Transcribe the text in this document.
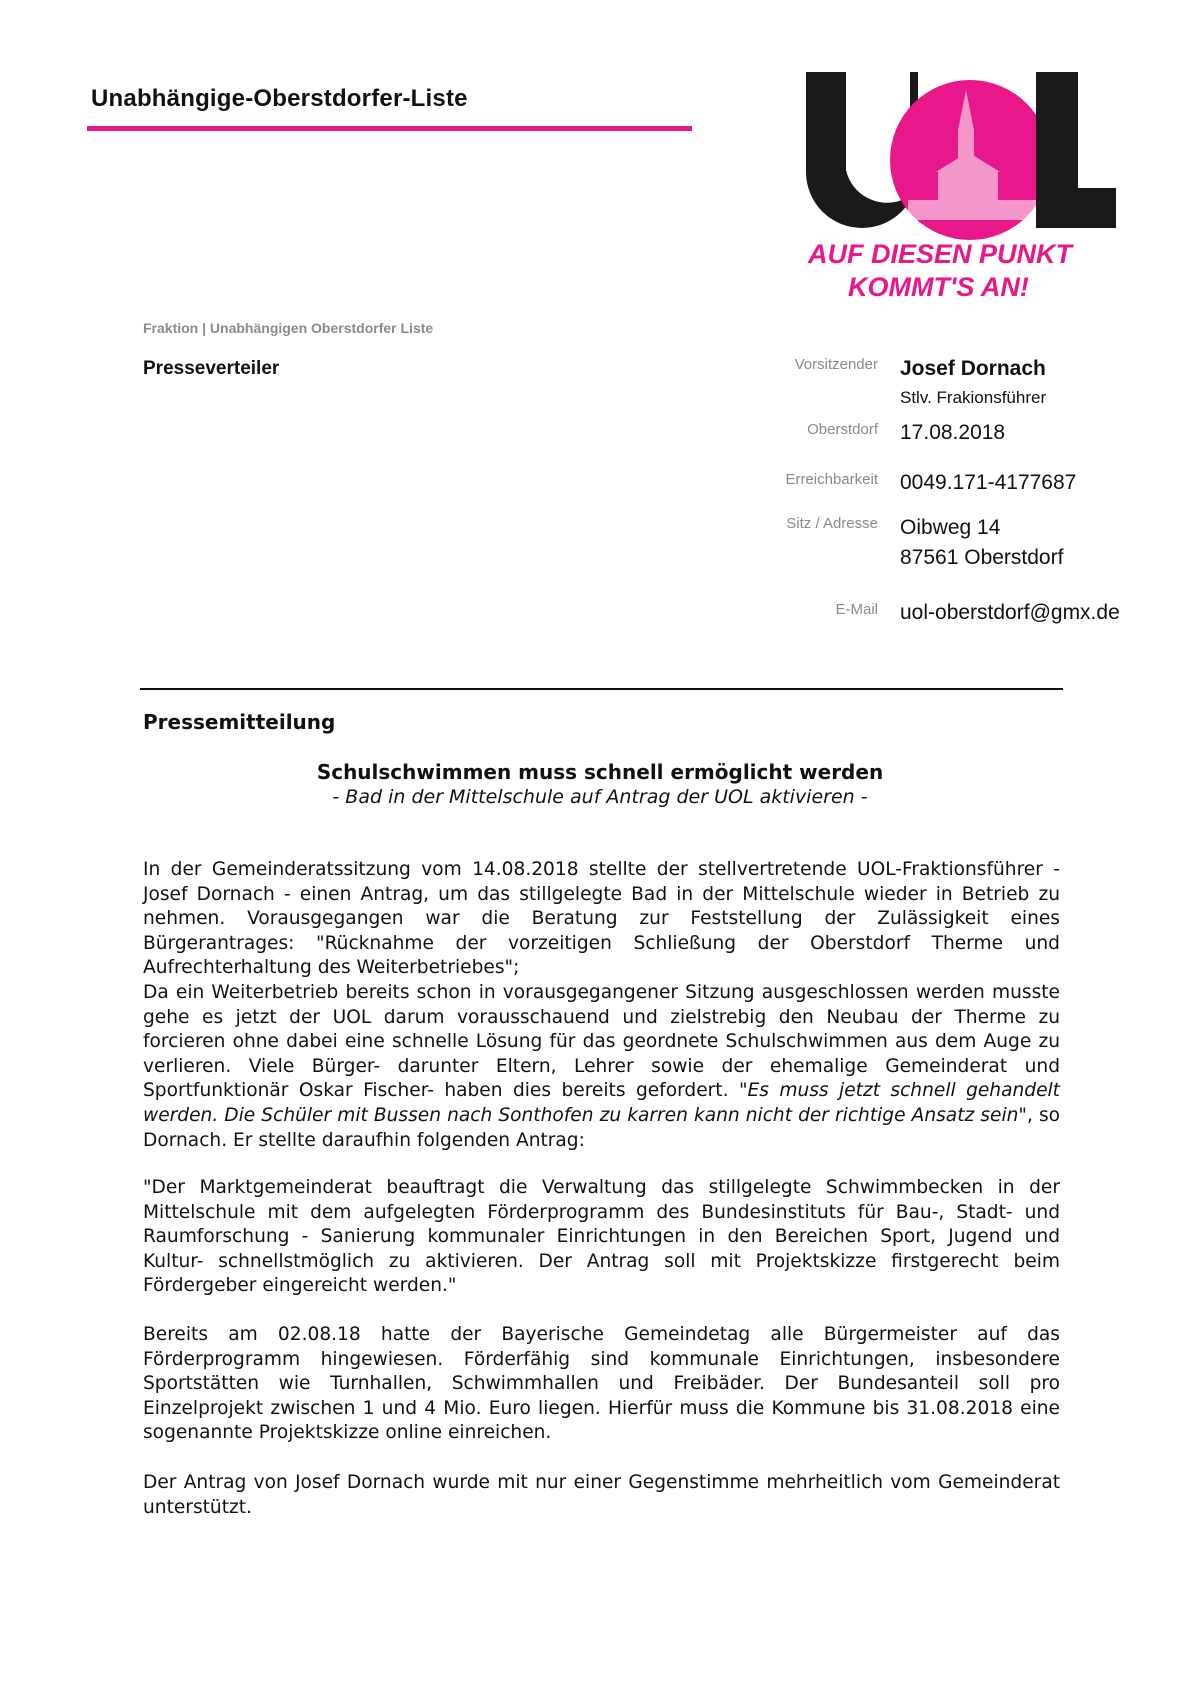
Unabhängige-Oberstdorfer-Liste
AUF DIESEN PUNKT
KOMMT'S AN!
Fraktion | Unabhängigen Oberstdorfer Liste
Presseverteiler	Vorsitzender Josef Dornach
Stlv. Frakionsführer
Oberstdorf 17.08.2018
Erreichbarkeit 0049.171-4177687
Sitz / Adresse Oibweg 14
87561 Oberstdorf
E-Mail uol-oberstdorf@gmx.de
Pressemitteilung
Schulschwimmen muss schnell ermöglicht werden
- Bad in der Mittelschule auf Antrag der UOL aktivieren -
In der Gemeinderatssitzung vom 14.08.2018 stellte der stellvertretende UOL-Fraktionsführer - Josef Dornach - einen Antrag, um das stillgelegte Bad in der Mittelschule wieder in Betrieb zu nehmen. Vorausgegangen war die Beratung zur Feststellung der Zulässigkeit eines Bürgerantrages: "Rücknahme der vorzeitigen Schließung der Oberstdorf Therme und Aufrechterhaltung des Weiterbetriebes";
Da ein Weiterbetrieb bereits schon in vorausgegangener Sitzung ausgeschlossen werden musste gehe es jetzt der UOL darum vorausschauend und zielstrebig den Neubau der Therme zu forcieren ohne dabei eine schnelle Lösung für das geordnete Schulschwimmen aus dem Auge zu verlieren. Viele Bürger- darunter Eltern, Lehrer sowie der ehemalige Gemeinderat und Sportfunktionär Oskar Fischer- haben dies bereits gefordert. "Es muss jetzt schnell gehandelt werden. Die Schüler mit Bussen nach Sonthofen zu karren kann nicht der richtige Ansatz sein", so Dornach. Er stellte daraufhin folgenden Antrag:
"Der Marktgemeinderat beauftragt die Verwaltung das stillgelegte Schwimmbecken in der Mittelschule mit dem aufgelegten Förderprogramm des Bundesinstituts für Bau-, Stadt- und Raumforschung - Sanierung kommunaler Einrichtungen in den Bereichen Sport, Jugend und Kultur- schnellstmöglich zu aktivieren. Der Antrag soll mit Projektskizze firstgerecht beim Fördergeber eingereicht werden."
Bereits am 02.08.18 hatte der Bayerische Gemeindetag alle Bürgermeister auf das Förderprogramm hingewiesen. Förderfähig sind kommunale Einrichtungen, insbesondere Sportstätten wie Turnhallen, Schwimmhallen und Freibäder. Der Bundesanteil soll pro Einzelprojekt zwischen 1 und 4 Mio. Euro liegen. Hierfür muss die Kommune bis 31.08.2018 eine sogenannte Projektskizze online einreichen.
Der Antrag von Josef Dornach wurde mit nur einer Gegenstimme mehrheitlich vom Gemeinderat unterstützt.
